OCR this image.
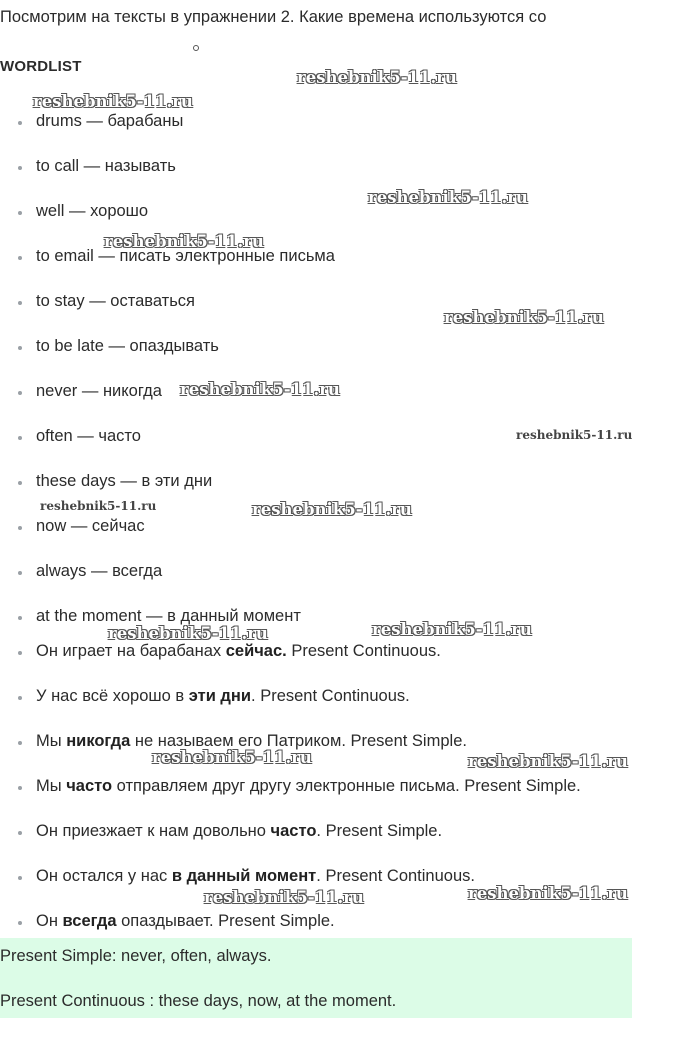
Посмотрим на тексты в упражнении 2. Какие времена используются со

WORDLIST
drums — барабаны
to call — называть
well — хорошо
to email — писать электронные письма
to stay — оставаться
to be late — опаздывать
never — никогда
often — часто
these days — в эти дни
now — сейчас
always — всегда
at the moment — в данный момент
Он играет на барабанах сейчас. Present Continuous.
У нас всё хорошо в эти дни. Present Continuous.
Мы никогда не называем его Патриком. Present Simple.
Мы часто отправляем друг другу электронные письма. Present Simple.
Он приезжает к нам довольно часто. Present Simple.
Он остался у нас в данный момент. Present Continuous.
Он всегда опаздывает. Present Simple.

Present Simple: never, often, always.

Present Continuous : these days, now, at the moment.

reshebnik5-11.ru
reshebnik5-11.ru
reshebnik5-11.ru
reshebnik5-11.ru
reshebnik5-11.ru
reshebnik5-11.ru
reshebnik5-11.ru
reshebnik5-11.ru	reshebnik5-11.ru
reshebnik5-11.ru	reshebnik5-11.ru
reshebnik5-11.ru	reshebnik5-11.ru
reshebnik5-11.ru	reshebnik5-11.ru
